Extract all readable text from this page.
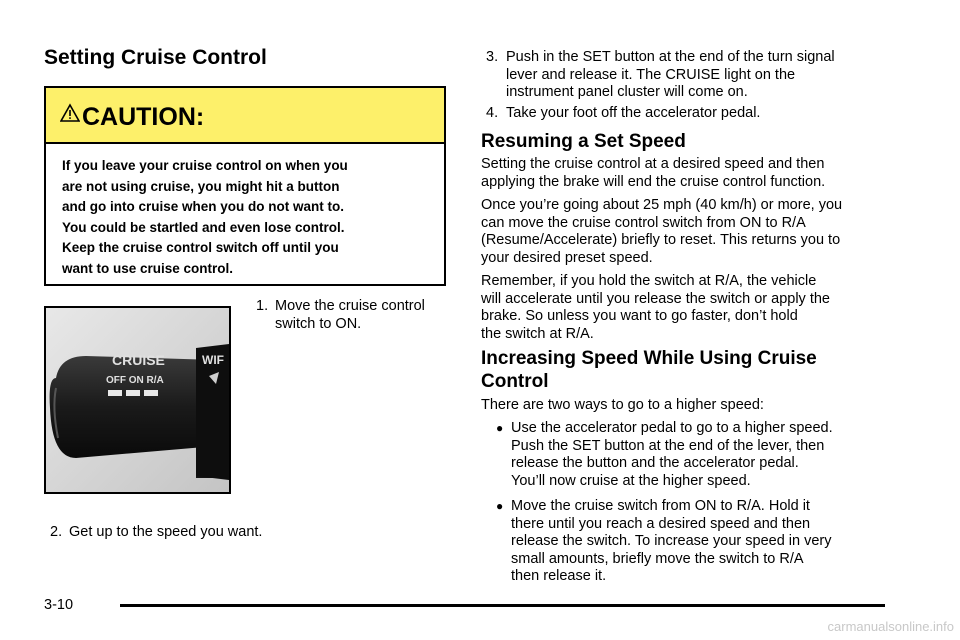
Setting Cruise Control
CAUTION:
If you leave your cruise control on when you
are not using cruise, you might hit a button
and go into cruise when you do not want to.
You could be startled and even lose control.
Keep the cruise control switch off until you
want to use cruise control.
CRUISE
OFF ON R/A
WIF
1. Move the cruise control
switch to ON.
2. Get up to the speed you want.
3. Push in the SET button at the end of the turn signal
lever and release it. The CRUISE light on the
instrument panel cluster will come on.
4. Take your foot off the accelerator pedal.
Resuming a Set Speed
Setting the cruise control at a desired speed and then
applying the brake will end the cruise control function.
Once you’re going about 25 mph (40 km/h) or more, you
can move the cruise control switch from ON to R/A
(Resume/Accelerate) briefly to reset. This returns you to
your desired preset speed.
Remember, if you hold the switch at R/A, the vehicle
will accelerate until you release the switch or apply the
brake. So unless you want to go faster, don’t hold
the switch at R/A.
Increasing Speed While Using Cruise
Control
There are two ways to go to a higher speed:
● Use the accelerator pedal to go to a higher speed.
Push the SET button at the end of the lever, then
release the button and the accelerator pedal.
You’ll now cruise at the higher speed.
● Move the cruise switch from ON to R/A. Hold it
there until you reach a desired speed and then
release the switch. To increase your speed in very
small amounts, briefly move the switch to R/A
then release it.
3-10
carmanualsonline.info
